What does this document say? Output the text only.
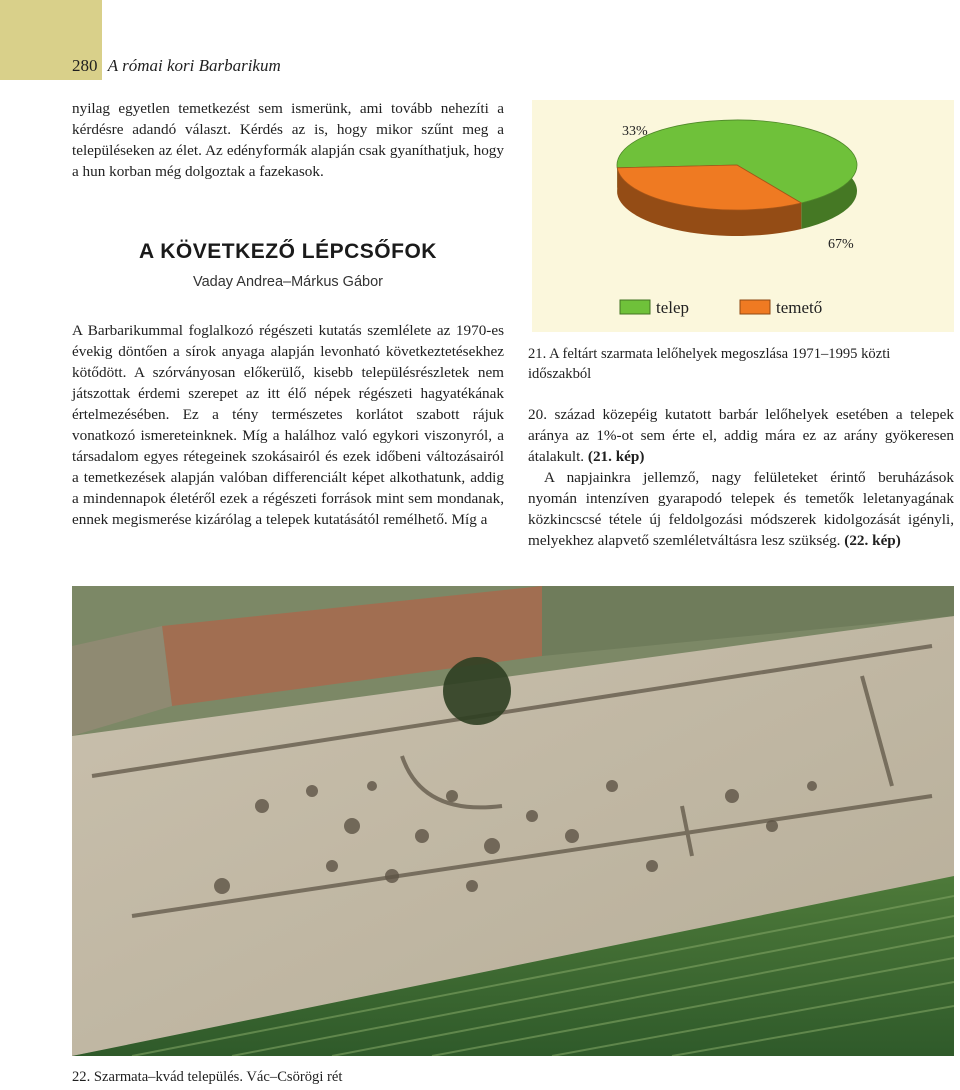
280 A római kori Barbarikum

nyilag egyetlen temetkezést sem ismerünk, ami tovább nehezíti a kérdésre adandó választ. Kérdés az is, hogy mikor szűnt meg a településeken az élet. Az edényformák alapján csak gyaníthatjuk, hogy a hun korban még dolgoztak a fazekasok.

A KÖVETKEZŐ LÉPCSŐFOK
Vaday Andrea–Márkus Gábor

A Barbarikummal foglalkozó régészeti kutatás szemlélete az 1970-es évekig döntően a sírok anyaga alapján levonható következtetésekhez kötődött. A szórványosan előkerülő, kisebb településrészletek nem játszottak érdemi szerepet az itt élő népek régészeti hagyatékának értelmezésében. Ez a tény természetes korlátot szabott rájuk vonatkozó ismereteinknek. Míg a halálhoz való egykori viszonyról, a társadalom egyes rétegeinek szokásairól és ezek időbeni változásairól a temetkezések alapján valóban differenciált képet alkothatunk, addig a mindennapok életéről ezek a régészeti források mint sem mondanak, ennek megismerése kizárólag a telepek kutatásától remélhető. Míg a

67%
33%
telep	temető

21. A feltárt szarmata lelőhelyek megoszlása 1971–1995 közti időszakból

20. század közepéig kutatott barbár lelőhelyek esetében a telepek aránya az 1%-ot sem érte el, addig mára ez az arány gyökeresen átalakult. (21. kép)

A napjainkra jellemző, nagy felületeket érintő beruházások nyomán intenzíven gyarapodó telepek és temetők leletanyagának közkincscsé tétele új feldolgozási módszerek kidolgozását igényli, melyekhez alapvető szemléletváltásra lesz szükség. (22. kép)

22. Szarmata–kvád település. Vác–Csörögi rét
